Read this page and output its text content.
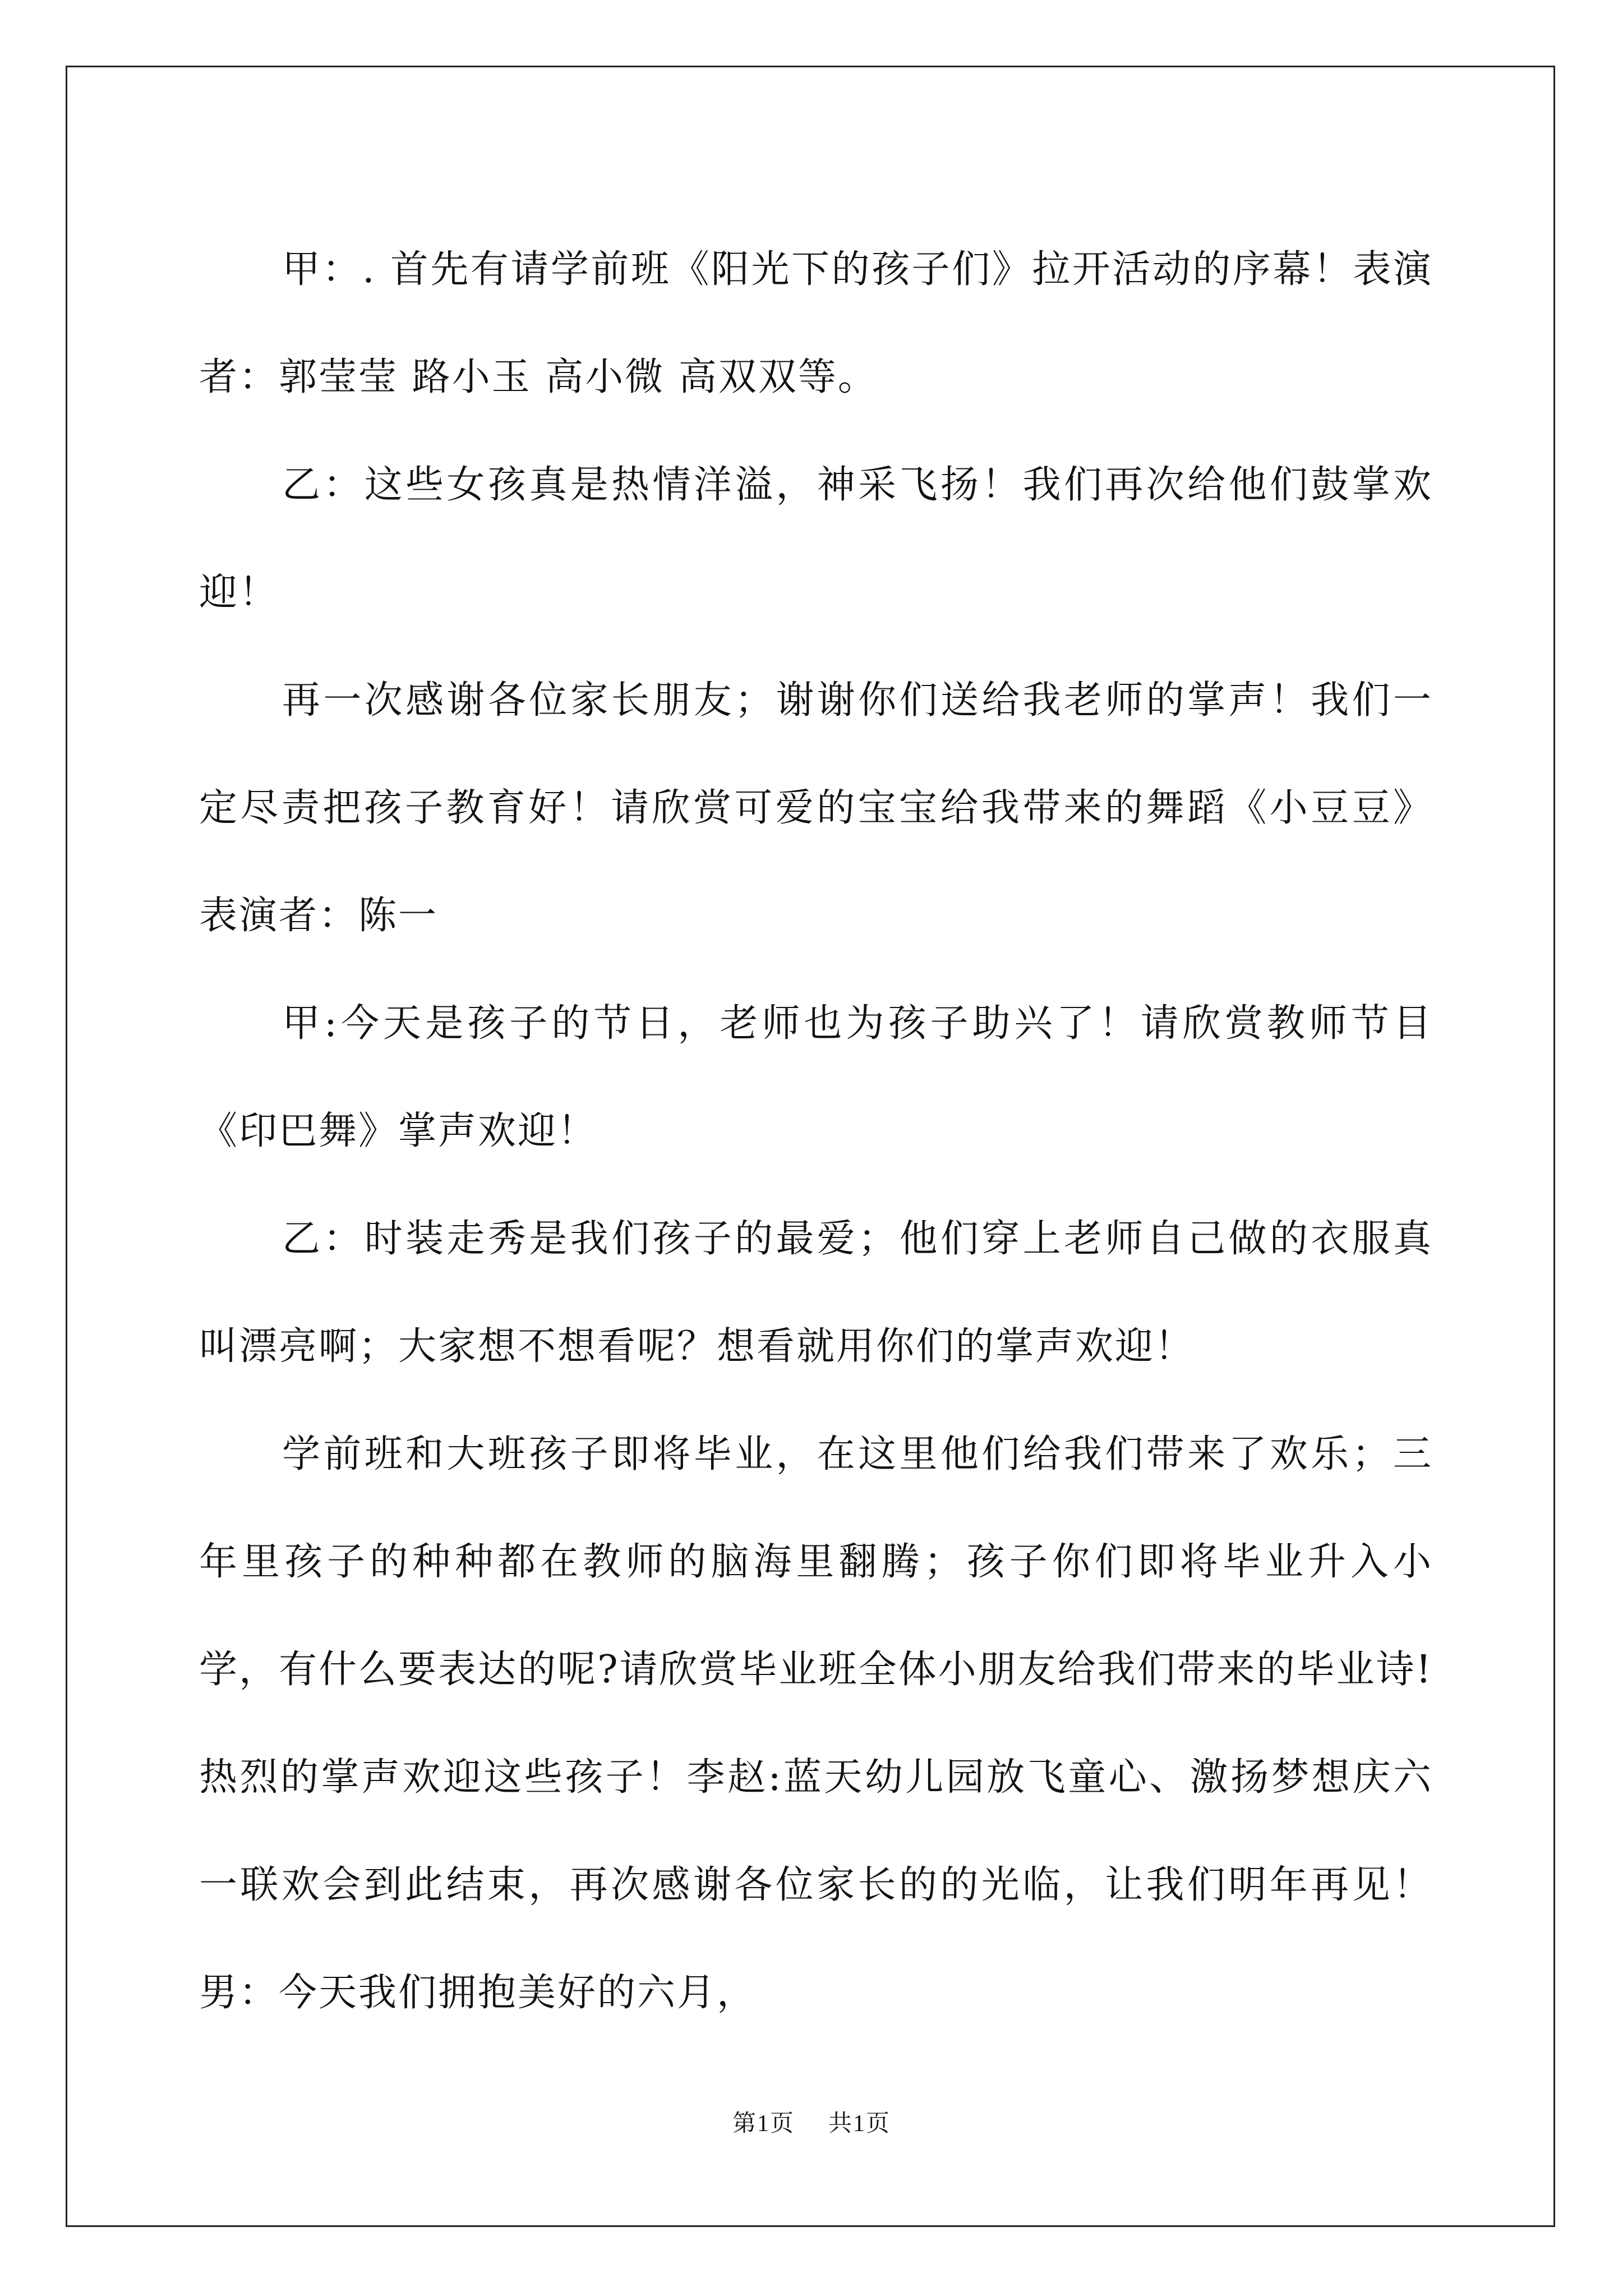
甲：. 首先有请学前班《阳光下的孩子们》拉开活动的序幕！表演者：郭莹莹 路小玉 高小微 高双双等。

乙：这些女孩真是热情洋溢，神采飞扬！我们再次给他们鼓掌欢迎！

再一次感谢各位家长朋友；谢谢你们送给我老师的掌声！我们一定尽责把孩子教育好！请欣赏可爱的宝宝给我带来的舞蹈《小豆豆》表演者：陈一

甲:今天是孩子的节日，老师也为孩子助兴了！请欣赏教师节目《印巴舞》掌声欢迎！

乙：时装走秀是我们孩子的最爱；他们穿上老师自己做的衣服真叫漂亮啊；大家想不想看呢？想看就用你们的掌声欢迎！

学前班和大班孩子即将毕业，在这里他们给我们带来了欢乐；三年里孩子的种种都在教师的脑海里翻腾；孩子你们即将毕业升入小学，有什么要表达的呢?请欣赏毕业班全体小朋友给我们带来的毕业诗!热烈的掌声欢迎这些孩子！李赵:蓝天幼儿园放飞童心、激扬梦想庆六一联欢会到此结束，再次感谢各位家长的的光临，让我们明年再见！男：今天我们拥抱美好的六月，

第1页 共1页
